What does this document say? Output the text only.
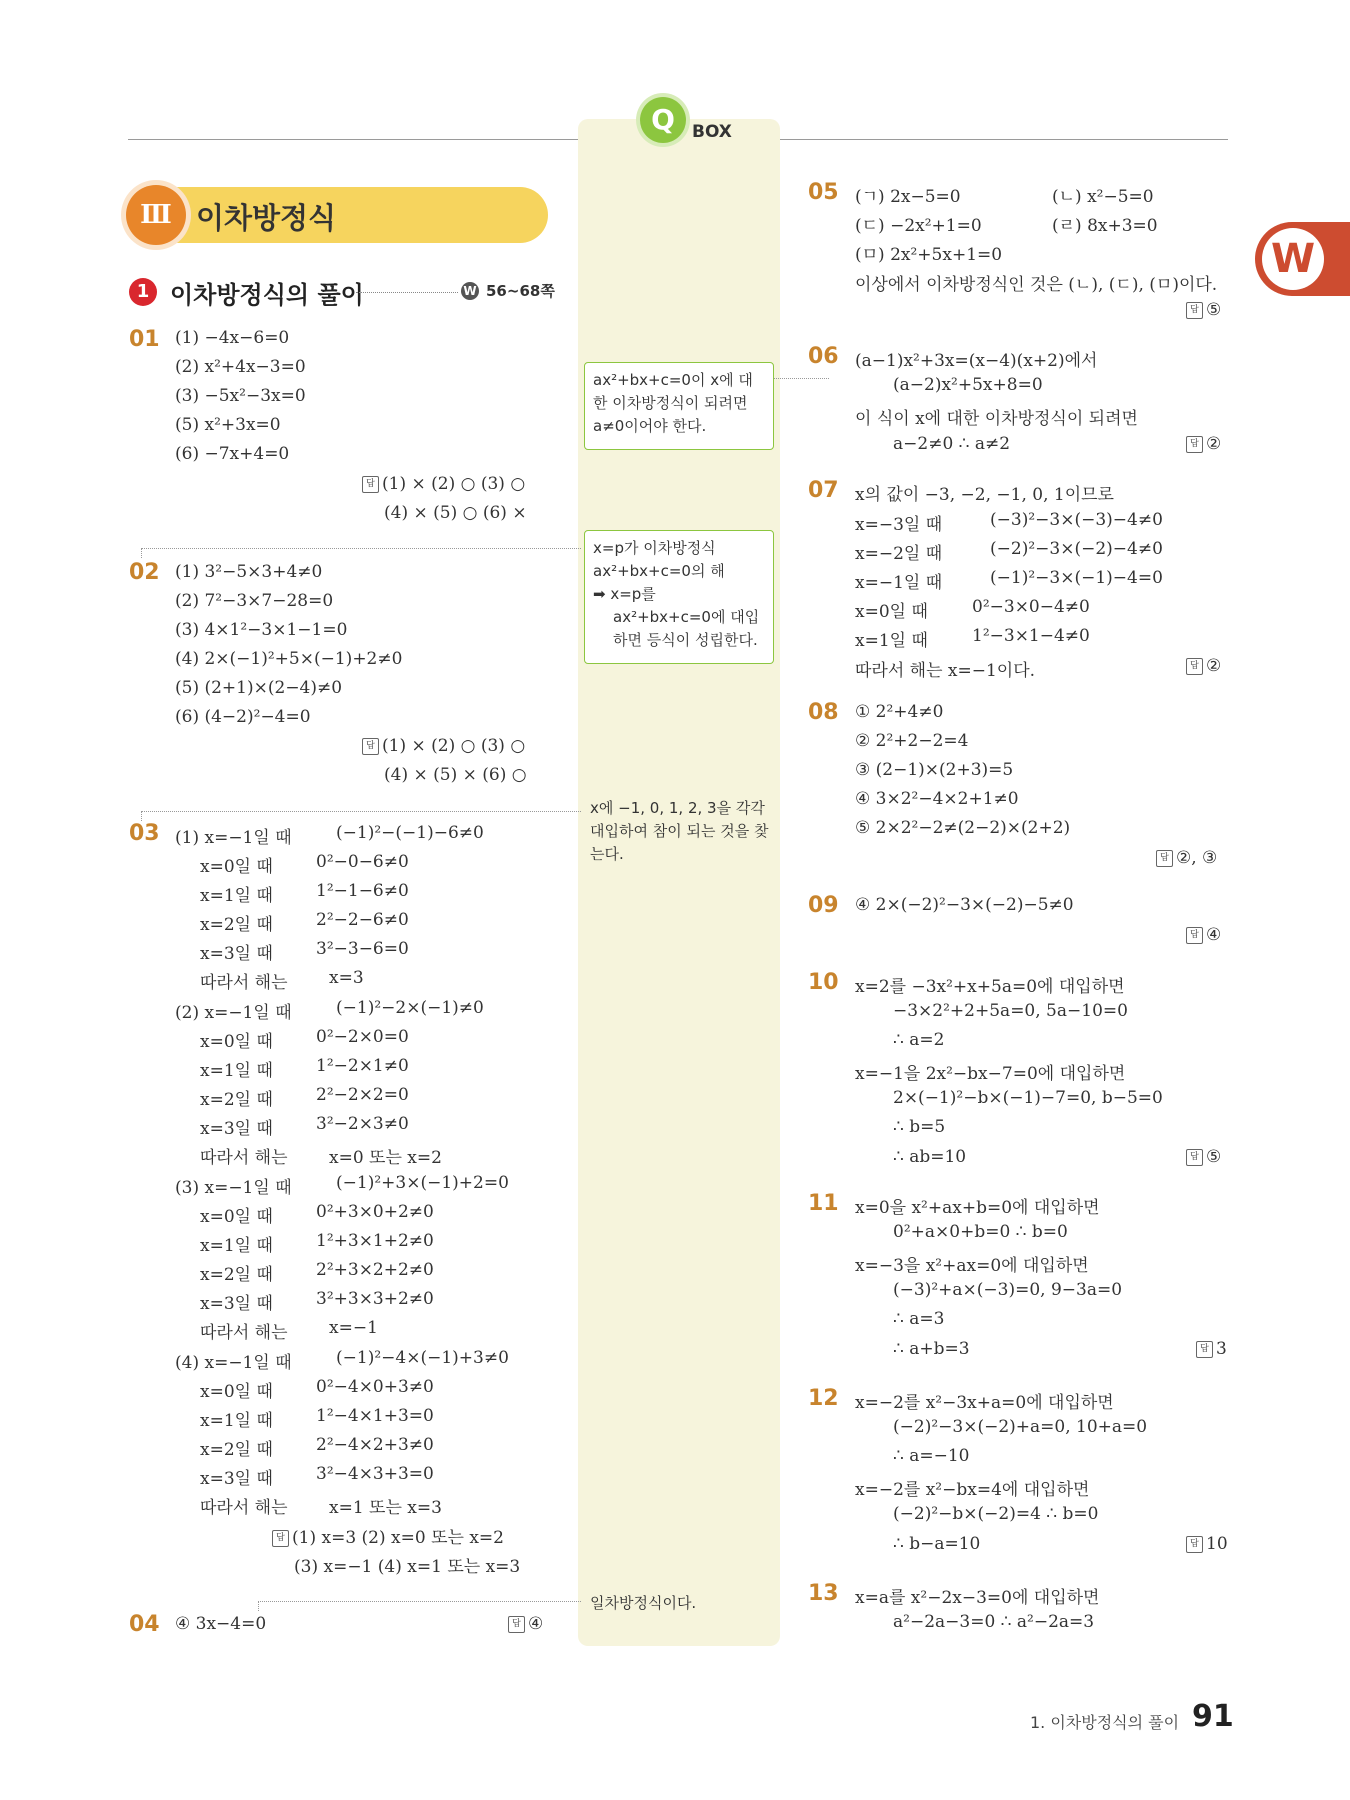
Q	BOX
W
Ⅲ 이차방정식
1 이차방정식의 풀이	W 56~68쪽
01 (1) −4x−6=0
(2) x²+4x−3=0
(3) −5x²−3x=0
(5) x²+3x=0
(6) −7x+4=0
답 (1) × (2) ○ (3) ○
(4) × (5) ○ (6) ×
02 (1) 3²−5×3+4≠0
(2) 7²−3×7−28=0
(3) 4×1²−3×1−1=0
(4) 2×(−1)²+5×(−1)+2≠0
(5) (2+1)×(2−4)≠0
(6) (4−2)²−4=0
답 (1) × (2) ○ (3) ○
(4) × (5) × (6) ○
03 (1) x=−1일 때	(−1)²−(−1)−6≠0
x=0일 때	0²−0−6≠0
x=1일 때	1²−1−6≠0
x=2일 때	2²−2−6≠0
x=3일 때	3²−3−6=0
따라서 해는 x=3
(2) x=−1일 때	(−1)²−2×(−1)≠0
x=0일 때	0²−2×0=0
x=1일 때	1²−2×1≠0
x=2일 때	2²−2×2=0
x=3일 때	3²−2×3≠0
따라서 해는 x=0 또는 x=2
(3) x=−1일 때	(−1)²+3×(−1)+2=0
x=0일 때	0²+3×0+2≠0
x=1일 때	1²+3×1+2≠0
x=2일 때	2²+3×2+2≠0
x=3일 때	3²+3×3+2≠0
따라서 해는 x=−1
(4) x=−1일 때	(−1)²−4×(−1)+3≠0
x=0일 때	0²−4×0+3≠0
x=1일 때	1²−4×1+3=0
x=2일 때	2²−4×2+3≠0
x=3일 때	3²−4×3+3=0
따라서 해는 x=1 또는 x=3
답 (1) x=3 (2) x=0 또는 x=2
(3) x=−1 (4) x=1 또는 x=3
04 ④ 3x−4=0	답 ④
ax²+bx+c=0이 x에 대
한 이차방정식이 되려면
a≠0이어야 한다.
x=p가 이차방정식
ax²+bx+c=0의 해
➡ x=p를
ax²+bx+c=0에 대입
하면 등식이 성립한다.
x에 −1, 0, 1, 2, 3을 각각
대입하여 참이 되는 것을 찾
는다.
일차방정식이다.
05 (ㄱ) 2x−5=0	(ㄴ) x²−5=0
(ㄷ) −2x²+1=0	(ㄹ) 8x+3=0
(ㅁ) 2x²+5x+1=0
이상에서 이차방정식인 것은 (ㄴ), (ㄷ), (ㅁ)이다.
답 ⑤
06 (a−1)x²+3x=(x−4)(x+2)에서
(a−2)x²+5x+8=0
이 식이 x에 대한 이차방정식이 되려면
a−2≠0 ∴ a≠2	답 ②
07 x의 값이 −3, −2, −1, 0, 1이므로
x=−3일 때	(−3)²−3×(−3)−4≠0
x=−2일 때	(−2)²−3×(−2)−4≠0
x=−1일 때	(−1)²−3×(−1)−4=0
x=0일 때	0²−3×0−4≠0
x=1일 때	1²−3×1−4≠0
따라서 해는 x=−1이다.	답 ②
08 ① 2²+4≠0
② 2²+2−2=4
③ (2−1)×(2+3)=5
④ 3×2²−4×2+1≠0
⑤ 2×2²−2≠(2−2)×(2+2)
답 ②, ③
09 ④ 2×(−2)²−3×(−2)−5≠0
답 ④
10 x=2를 −3x²+x+5a=0에 대입하면
−3×2²+2+5a=0, 5a−10=0
∴ a=2
x=−1을 2x²−bx−7=0에 대입하면
2×(−1)²−b×(−1)−7=0, b−5=0
∴ b=5
∴ ab=10	답 ⑤
11 x=0을 x²+ax+b=0에 대입하면
0²+a×0+b=0 ∴ b=0
x=−3을 x²+ax=0에 대입하면
(−3)²+a×(−3)=0, 9−3a=0
∴ a=3
∴ a+b=3	답 3
12 x=−2를 x²−3x+a=0에 대입하면
(−2)²−3×(−2)+a=0, 10+a=0
∴ a=−10
x=−2를 x²−bx=4에 대입하면
(−2)²−b×(−2)=4 ∴ b=0
∴ b−a=10	답 10
13 x=a를 x²−2x−3=0에 대입하면
a²−2a−3=0 ∴ a²−2a=3
1. 이차방정식의 풀이 91
